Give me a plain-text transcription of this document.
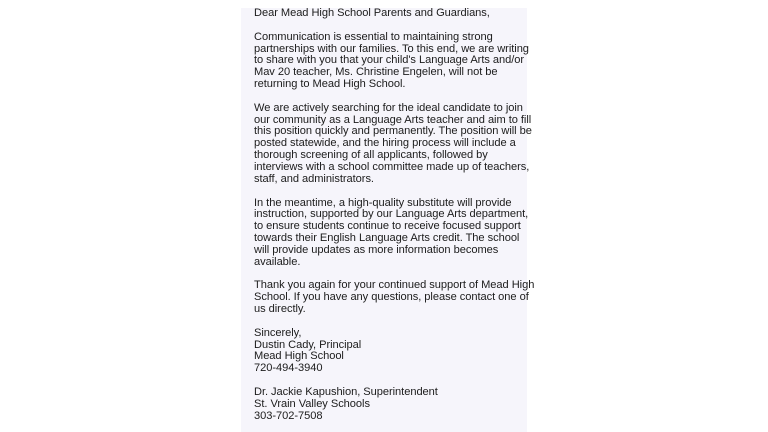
Dear Mead High School Parents and Guardians,
Communication is essential to maintaining strong
partnerships with our families. To this end, we are writing
to share with you that your child's Language Arts and/or
Mav 20 teacher, Ms. Christine Engelen, will not be
returning to Mead High School.
We are actively searching for the ideal candidate to join
our community as a Language Arts teacher and aim to fill
this position quickly and permanently. The position will be
posted statewide, and the hiring process will include a
thorough screening of all applicants, followed by
interviews with a school committee made up of teachers,
staff, and administrators.
In the meantime, a high-quality substitute will provide
instruction, supported by our Language Arts department,
to ensure students continue to receive focused support
towards their English Language Arts credit. The school
will provide updates as more information becomes
available.
Thank you again for your continued support of Mead High
School. If you have any questions, please contact one of
us directly.
Sincerely,
Dustin Cady, Principal
Mead High School
720-494-3940
Dr. Jackie Kapushion, Superintendent
St. Vrain Valley Schools
303-702-7508
